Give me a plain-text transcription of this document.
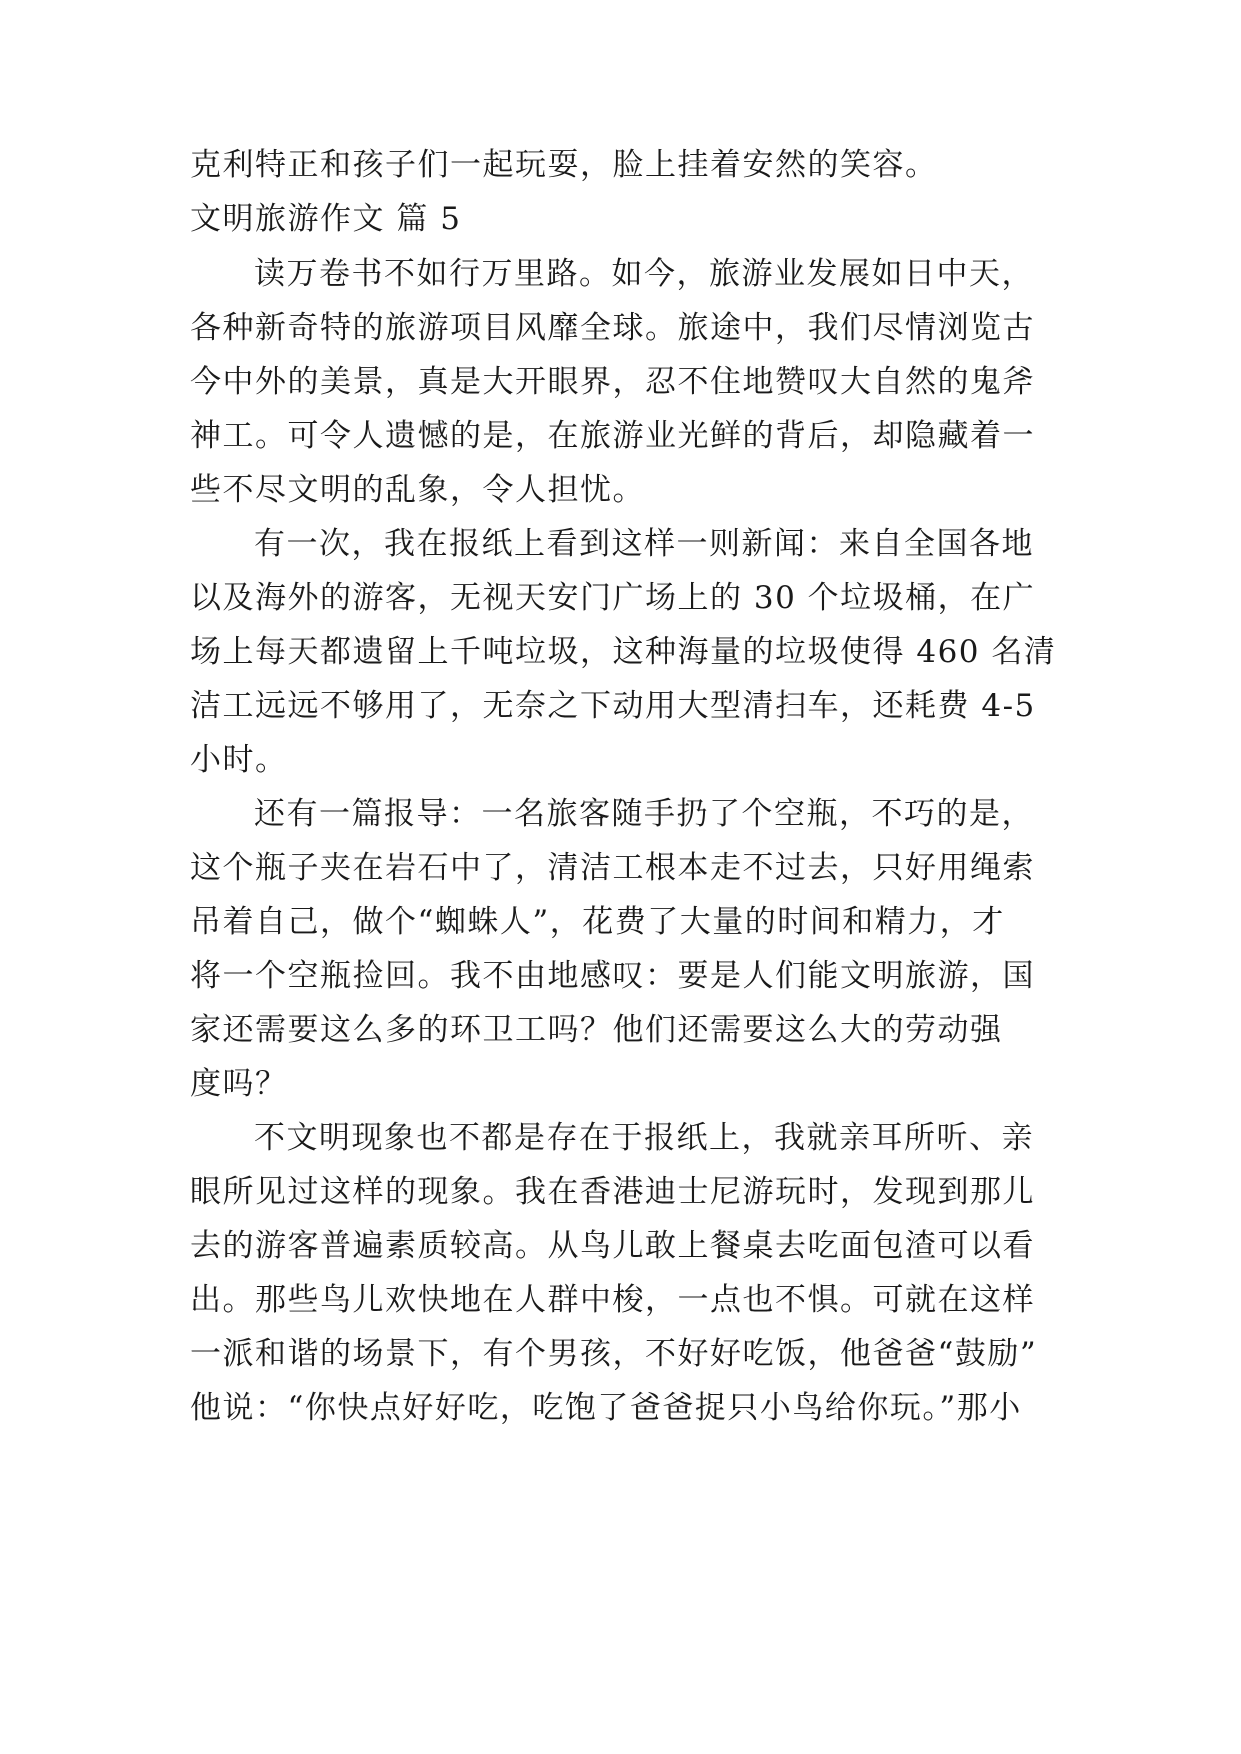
克利特正和孩子们一起玩耍，脸上挂着安然的笑容。
文明旅游作文 篇 5
读万卷书不如行万里路。如今，旅游业发展如日中天，
各种新奇特的旅游项目风靡全球。旅途中，我们尽情浏览古
今中外的美景，真是大开眼界，忍不住地赞叹大自然的鬼斧
神工。可令人遗憾的是，在旅游业光鲜的背后，却隐藏着一
些不尽文明的乱象，令人担忧。
有一次，我在报纸上看到这样一则新闻：来自全国各地
以及海外的游客，无视天安门广场上的 30 个垃圾桶，在广
场上每天都遗留上千吨垃圾，这种海量的垃圾使得 460 名清
洁工远远不够用了，无奈之下动用大型清扫车，还耗费 4-5
小时。
还有一篇报导：一名旅客随手扔了个空瓶，不巧的是，
这个瓶子夹在岩石中了，清洁工根本走不过去，只好用绳索
吊着自己，做个“蜘蛛人”，花费了大量的时间和精力，才
将一个空瓶捡回。我不由地感叹：要是人们能文明旅游，国
家还需要这么多的环卫工吗？他们还需要这么大的劳动强
度吗？
不文明现象也不都是存在于报纸上，我就亲耳所听、亲
眼所见过这样的现象。我在香港迪士尼游玩时，发现到那儿
去的游客普遍素质较高。从鸟儿敢上餐桌去吃面包渣可以看
出。那些鸟儿欢快地在人群中梭，一点也不惧。可就在这样
一派和谐的场景下，有个男孩，不好好吃饭，他爸爸“鼓励”
他说：“你快点好好吃，吃饱了爸爸捉只小鸟给你玩。”那小
